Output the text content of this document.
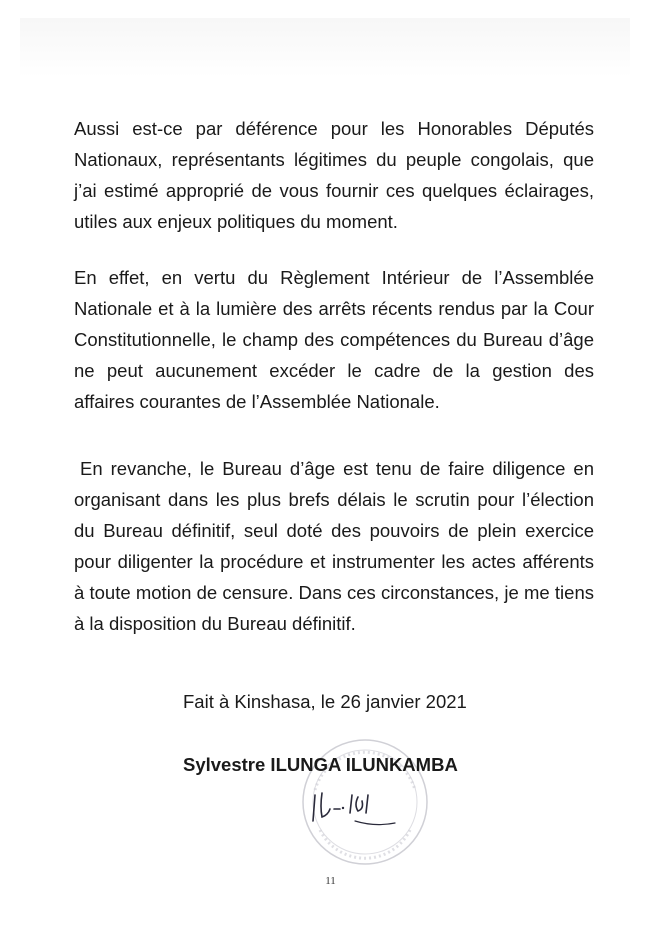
Aussi est-ce par déférence pour les Honorables Députés Nationaux, représentants légitimes du peuple congolais, que j’ai estimé approprié de vous fournir ces quelques éclairages, utiles aux enjeux politiques du moment.

En effet, en vertu du Règlement Intérieur de l’Assemblée Nationale et à la lumière des arrêts récents rendus par la Cour Constitutionnelle, le champ des compétences du Bureau d’âge ne peut aucunement excéder le cadre de la gestion des affaires courantes de l’Assemblée Nationale.

En revanche, le Bureau d’âge est tenu de faire diligence en organisant dans les plus brefs délais le scrutin pour l’élection du Bureau définitif, seul doté des pouvoirs de plein exercice pour diligenter la procédure et instrumenter les actes afférents à toute motion de censure. Dans ces circonstances, je me tiens à la disposition du Bureau définitif.

Fait à Kinshasa, le 26 janvier 2021
Sylvestre ILUNGA ILUNKAMBA
11
